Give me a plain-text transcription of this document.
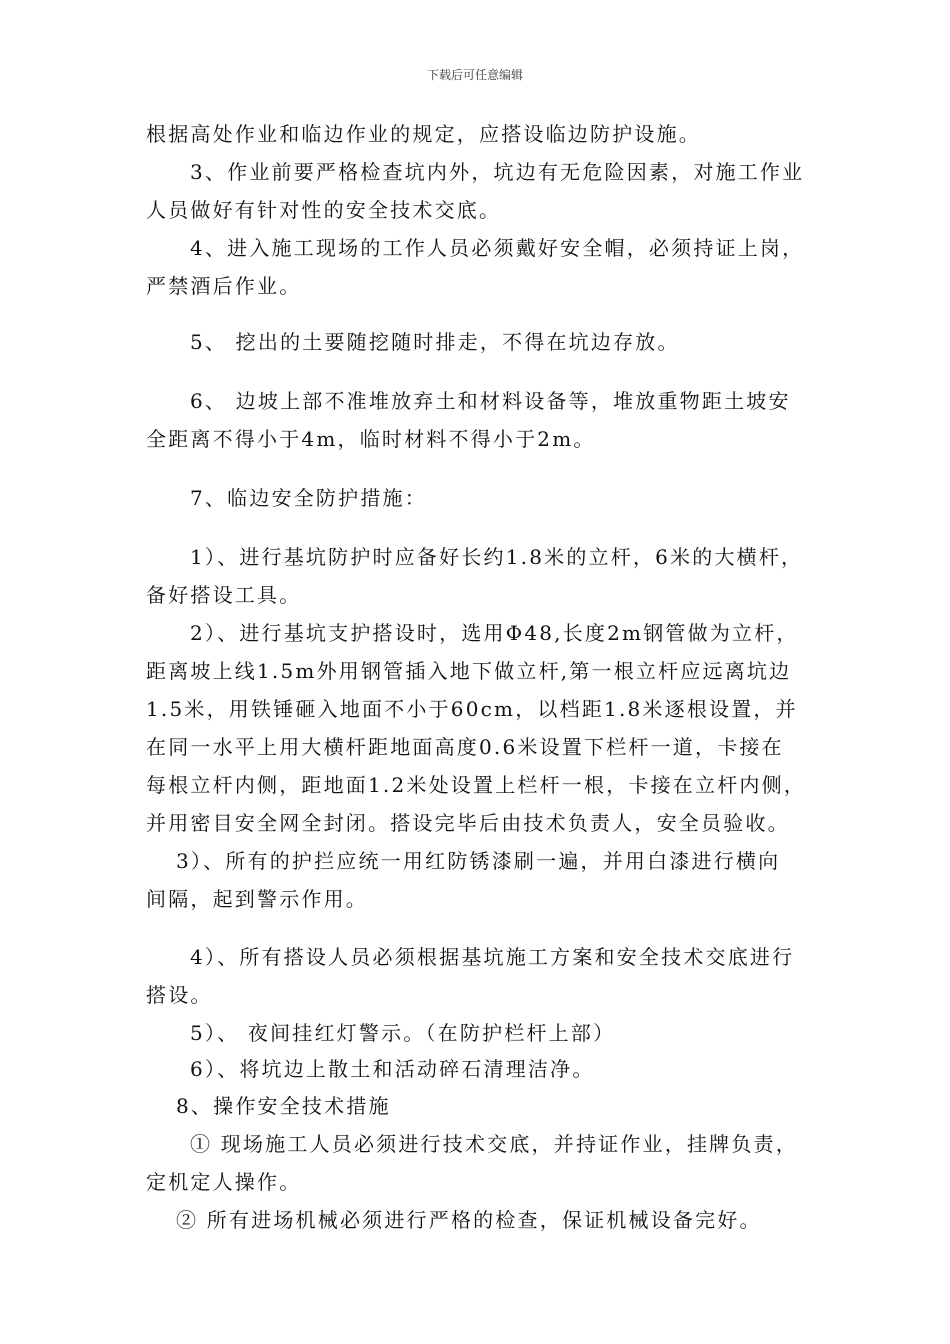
下载后可任意编辑
根据高处作业和临边作业的规定，应搭设临边防护设施。
3、作业前要严格检查坑内外，坑边有无危险因素，对施工作业
人员做好有针对性的安全技术交底。
4、进入施工现场的工作人员必须戴好安全帽，必须持证上岗，
严禁酒后作业。
5、 挖出的土要随挖随时排走，不得在坑边存放。
6、 边坡上部不准堆放弃土和材料设备等，堆放重物距土坡安
全距离不得小于4m，临时材料不得小于2m。
7、临边安全防护措施：
1）、进行基坑防护时应备好长约1.8米的立杆，6米的大横杆，
备好搭设工具。
2）、进行基坑支护搭设时，选用Φ48,长度2m钢管做为立杆，
距离坡上线1.5m外用钢管插入地下做立杆,第一根立杆应远离坑边
1.5米，用铁锤砸入地面不小于60cm，以档距1.8米逐根设置，并
在同一水平上用大横杆距地面高度0.6米设置下栏杆一道，卡接在
每根立杆内侧，距地面1.2米处设置上栏杆一根，卡接在立杆内侧，
并用密目安全网全封闭。搭设完毕后由技术负责人，安全员验收。
3）、所有的护拦应统一用红防锈漆刷一遍，并用白漆进行横向
间隔，起到警示作用。
4）、所有搭设人员必须根据基坑施工方案和安全技术交底进行
搭设。
5）、 夜间挂红灯警示。（在防护栏杆上部）
6）、将坑边上散土和活动碎石清理洁净。
8、操作安全技术措施
① 现场施工人员必须进行技术交底，并持证作业，挂牌负责，
定机定人操作。
② 所有进场机械必须进行严格的检查，保证机械设备完好。
